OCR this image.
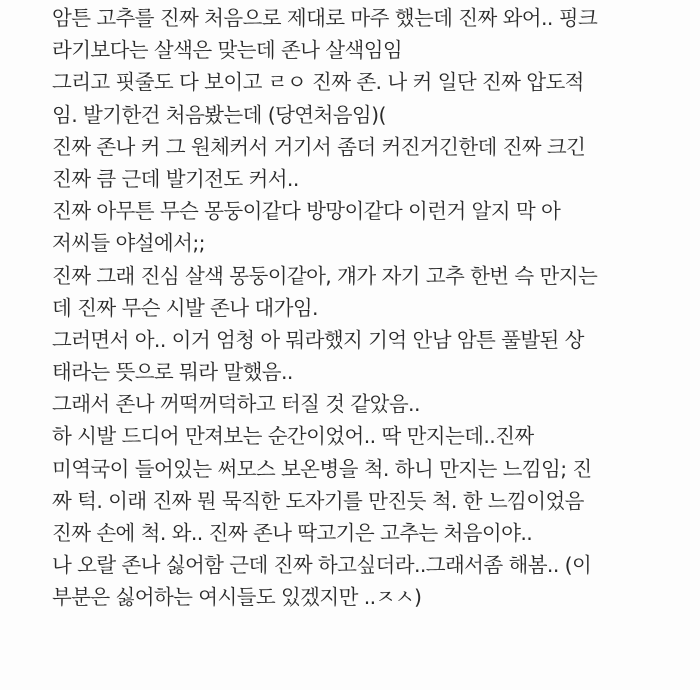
암튼 고추를 진짜 처음으로 제대로 마주 했는데 진짜 와어.. 핑크
라기보다는 살색은 맞는데 존나 살색임임
그리고 핏줄도 다 보이고 ㄹㅇ 진짜 존. 나 커 일단 진짜 압도적
임. 발기한건 처음봤는데 (당연처음임)(
진짜 존나 커 그 원체커서 거기서 좀더 커진거긴한데 진짜 크긴
진짜 큼 근데 발기전도 커서..
진짜 아무튼 무슨 몽둥이같다 방망이같다 이런거 알지 막 아
저씨들 야설에서;;
진짜 그래 진심 살색 몽둥이같아, 걔가 자기 고추 한번 슥 만지는
데 진짜 무슨 시발 존나 대가임.
그러면서 아.. 이거 엄청 아 뭐라했지 기억 안남 암튼 풀발된 상
태라는 뜻으로 뭐라 말했음..
그래서 존나 꺼떡꺼덕하고 터질 것 같았음..
하 시발 드디어 만져보는 순간이었어.. 딱 만지는데..진짜
미역국이 들어있는 써모스 보온병을 척. 하니 만지는 느낌임; 진
짜 턱. 이래 진짜 뭔 묵직한 도자기를 만진듯 척. 한 느낌이었음
진짜 손에 척. 와.. 진짜 존나 딱고기은 고추는 처음이야..
나 오랄 존나 싫어함 근데 진짜 하고싶더라..그래서좀 해봄.. (이
부분은 싫어하는 여시들도 있겠지만 ..ㅈㅅ)
